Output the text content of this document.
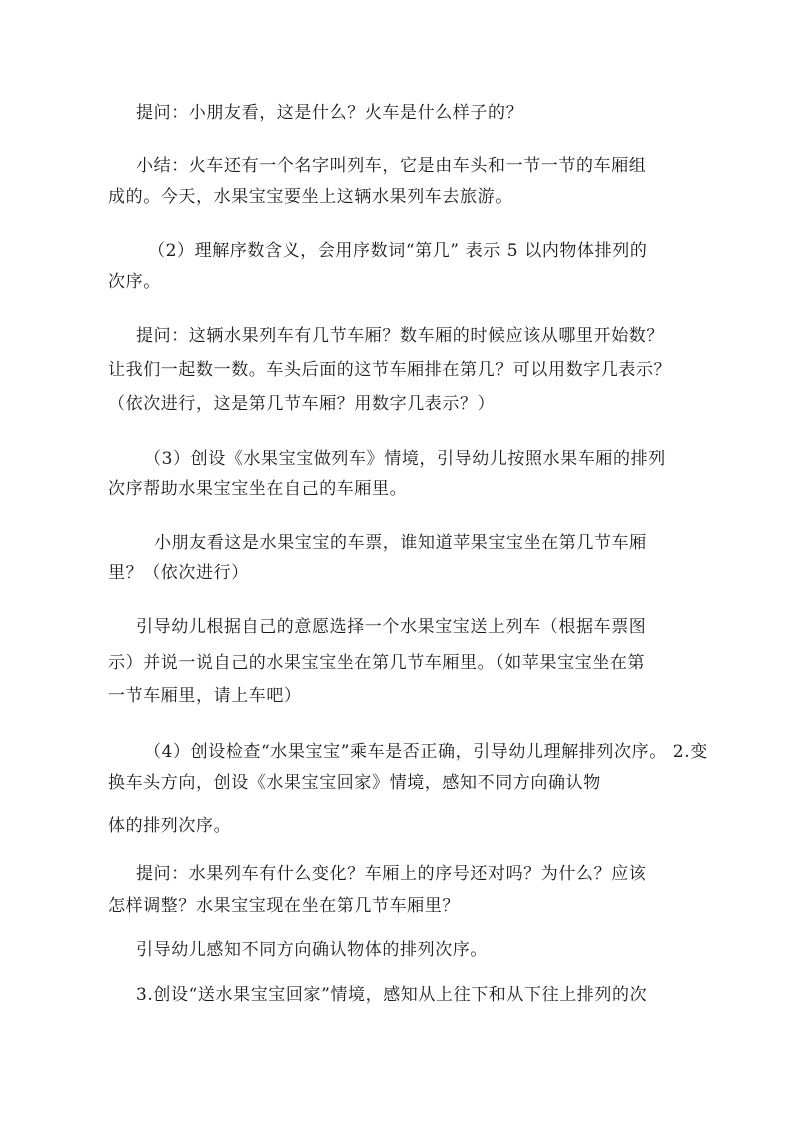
提问：小朋友看，这是什么？火车是什么样子的？
小结：火车还有一个名字叫列车，它是由车头和一节一节的车厢组
成的。今天，水果宝宝要坐上这辆水果列车去旅游。
（2）理解序数含义，会用序数词“第几” 表示 5 以内物体排列的
次序。
提问：这辆水果列车有几节车厢？数车厢的时候应该从哪里开始数？
让我们一起数一数。车头后面的这节车厢排在第几？可以用数字几表示？
（依次进行，这是第几节车厢？用数字几表示？）
（3）创设《水果宝宝做列车》情境，引导幼儿按照水果车厢的排列
次序帮助水果宝宝坐在自己的车厢里。
小朋友看这是水果宝宝的车票，谁知道苹果宝宝坐在第几节车厢
里？（依次进行）
引导幼儿根据自己的意愿选择一个水果宝宝送上列车（根据车票图
示）并说一说自己的水果宝宝坐在第几节车厢里。（如苹果宝宝坐在第
一节车厢里，请上车吧）
（4）创设检查“水果宝宝”乘车是否正确，引导幼儿理解排列次序。 2.变
换车头方向，创设《水果宝宝回家》情境，感知不同方向确认物
体的排列次序。
提问：水果列车有什么变化？车厢上的序号还对吗？为什么？应该
怎样调整？水果宝宝现在坐在第几节车厢里？
引导幼儿感知不同方向确认物体的排列次序。
3.创设“送水果宝宝回家”情境，感知从上往下和从下往上排列的次
